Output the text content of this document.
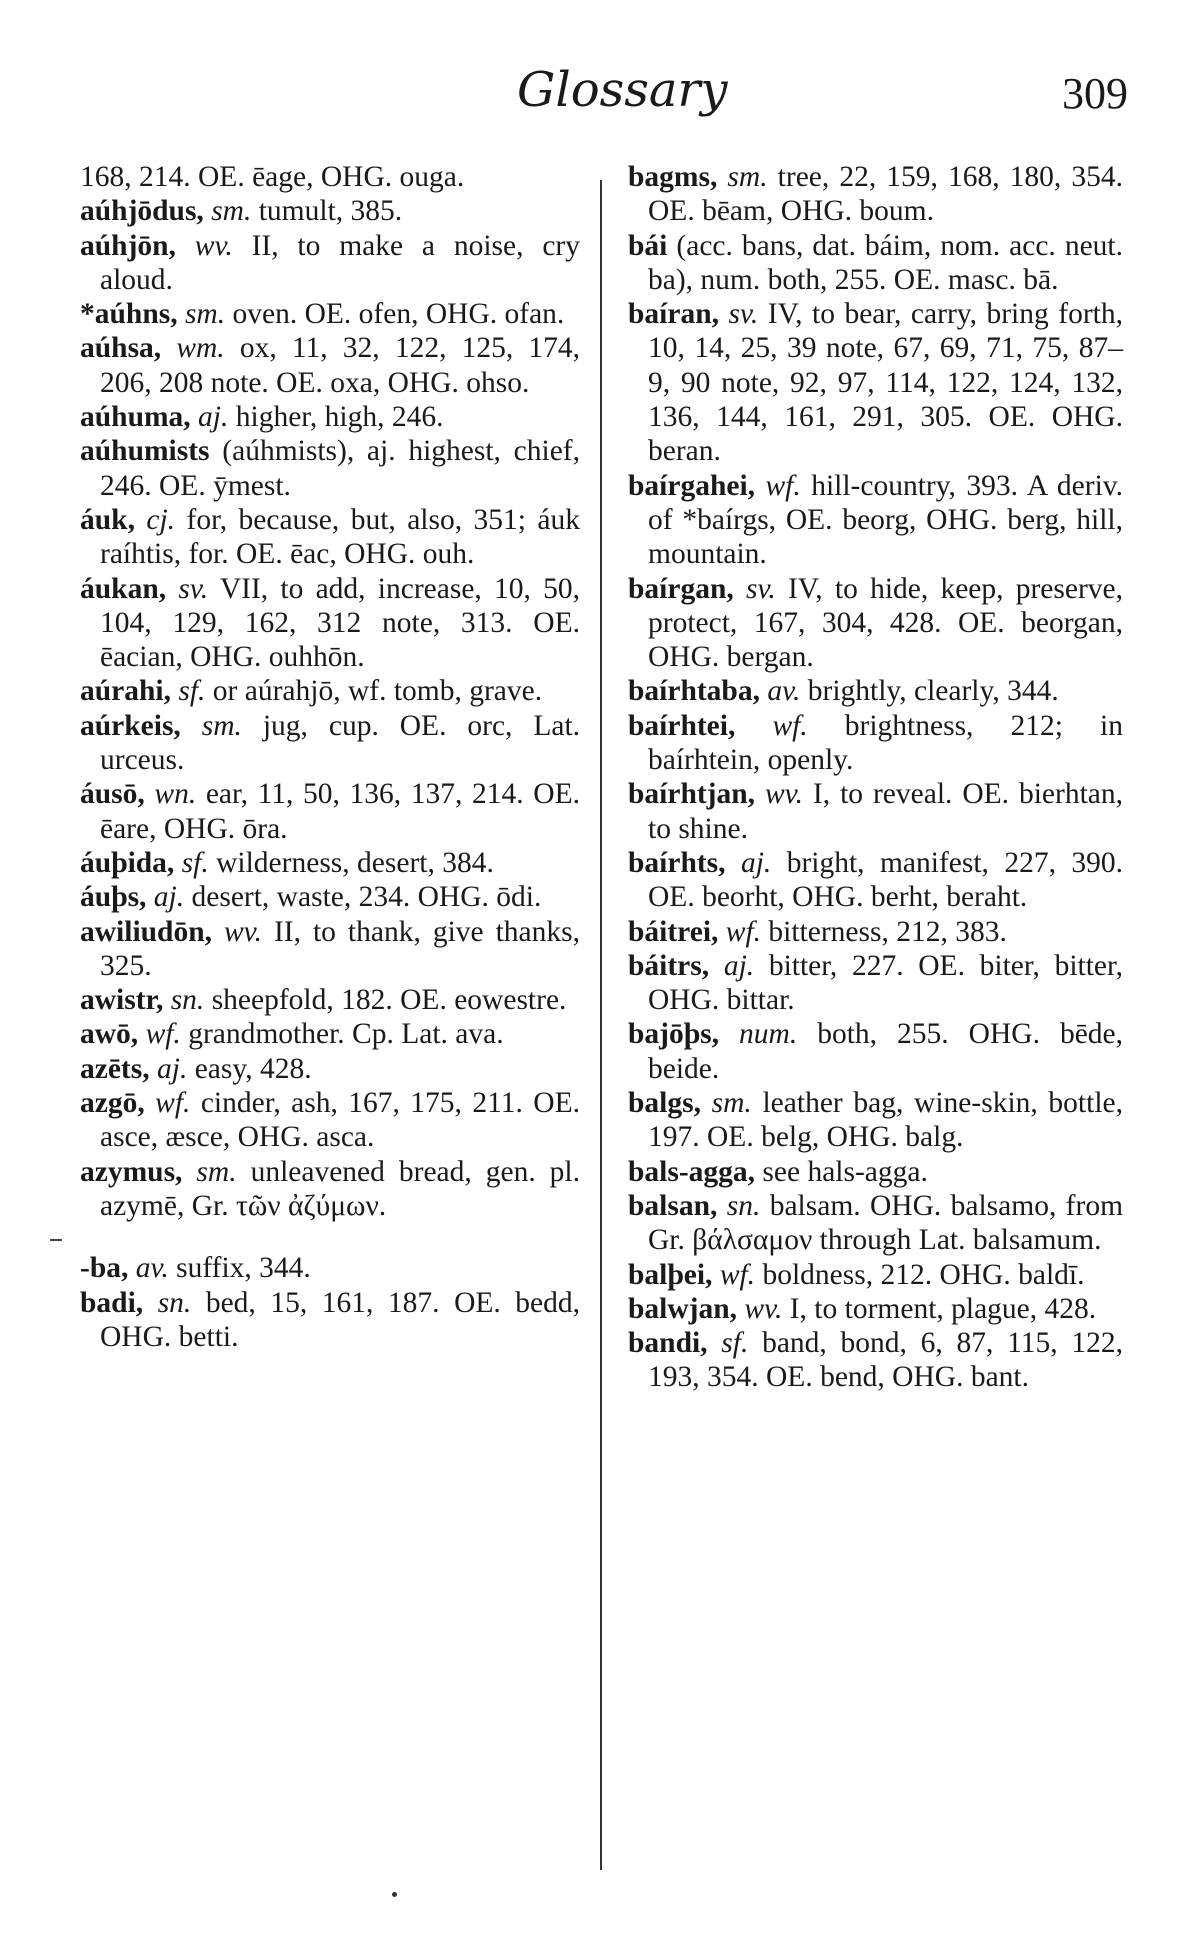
Glossary	309

168, 214. OE. ēage, OHG. ouga.

aúhjōdus, sm. tumult, 385.

aúhjōn, wv. II, to make a noise, cry aloud.

*aúhns, sm. oven. OE. ofen, OHG. ofan.

aúhsa, wm. ox, 11, 32, 122, 125, 174, 206, 208 note. OE. oxa, OHG. ohso.

aúhuma, aj. higher, high, 246.

aúhumists (aúhmists), aj. highest, chief, 246. OE. ȳmest.

áuk, cj. for, because, but, also, 351; áuk raíhtis, for. OE. ēac, OHG. ouh.

áukan, sv. VII, to add, increase, 10, 50, 104, 129, 162, 312 note, 313. OE. ēacian, OHG. ouhhōn.

aúrahi, sf. or aúrahjō, wf. tomb, grave.

aúrkeis, sm. jug, cup. OE. orc, Lat. urceus.

áusō, wn. ear, 11, 50, 136, 137, 214. OE. ēare, OHG. ōra.

áuþida, sf. wilderness, desert, 384.

áuþs, aj. desert, waste, 234. OHG. ōdi.

awiliudōn, wv. II, to thank, give thanks, 325.

awistr, sn. sheepfold, 182. OE. eowestre.

awō, wf. grandmother. Cp. Lat. ava.

azēts, aj. easy, 428.

azgō, wf. cinder, ash, 167, 175, 211. OE. asce, æsce, OHG. asca.

azymus, sm. unleavened bread, gen. pl. azymē, Gr. τῶν ἀζύμων.

-ba, av. suffix, 344.

badi, sn. bed, 15, 161, 187. OE. bedd, OHG. betti.

bagms, sm. tree, 22, 159, 168, 180, 354. OE. bēam, OHG. boum.

bái (acc. bans, dat. báim, nom. acc. neut. ba), num. both, 255. OE. masc. bā.

baíran, sv. IV, to bear, carry, bring forth, 10, 14, 25, 39 note, 67, 69, 71, 75, 87–9, 90 note, 92, 97, 114, 122, 124, 132, 136, 144, 161, 291, 305. OE. OHG. beran.

baírgahei, wf. hill-country, 393. A deriv. of *baírgs, OE. beorg, OHG. berg, hill, mountain.

baírgan, sv. IV, to hide, keep, preserve, protect, 167, 304, 428. OE. beorgan, OHG. bergan.

baírhtaba, av. brightly, clearly, 344.

baírhtei, wf. brightness, 212; in baírhtein, openly.

baírhtjan, wv. I, to reveal. OE. bierhtan, to shine.

baírhts, aj. bright, manifest, 227, 390. OE. beorht, OHG. berht, beraht.

báitrei, wf. bitterness, 212, 383.

báitrs, aj. bitter, 227. OE. biter, bitter, OHG. bittar.

bajōþs, num. both, 255. OHG. bēde, beide.

balgs, sm. leather bag, wine-skin, bottle, 197. OE. belg, OHG. balg.

bals-agga, see hals-agga.

balsan, sn. balsam. OHG. balsamo, from Gr. βάλσαμον through Lat. balsamum.

balþei, wf. boldness, 212. OHG. baldī.

balwjan, wv. I, to torment, plague, 428.

bandi, sf. band, bond, 6, 87, 115, 122, 193, 354. OE. bend, OHG. bant.
